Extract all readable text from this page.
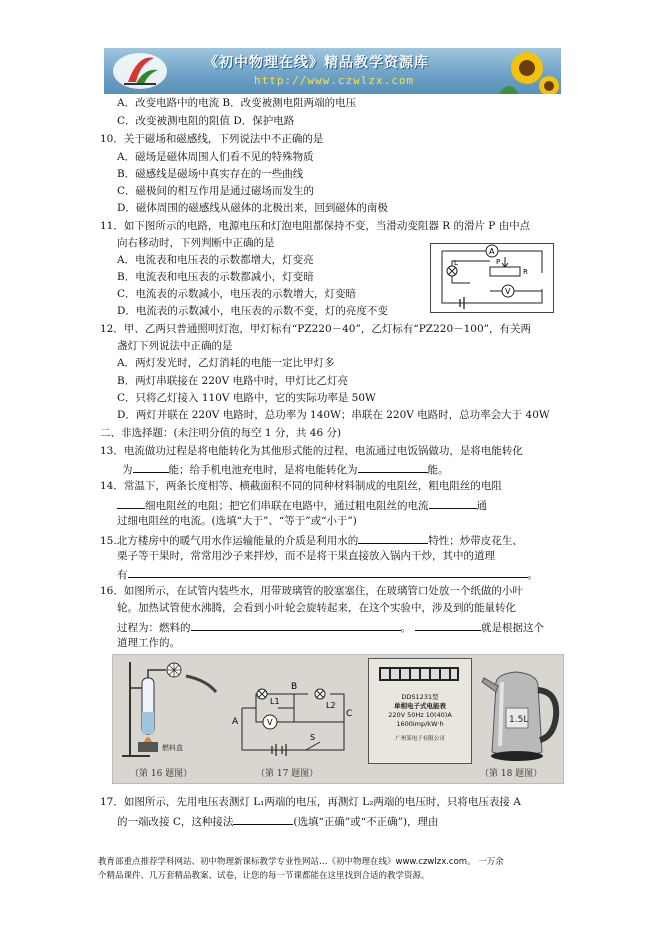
《初中物理在线》精品教学资源库
http://www.czwlzx.com
A．改变电路中的电流 B．改变被测电阻两端的电压
C．改变被测电阻的阻值 D．保护电路
10．关于磁场和磁感线，下列说法中不正确的是
A．磁场是磁体周围人们看不见的特殊物质
B．磁感线是磁场中真实存在的一些曲线
C．磁极间的相互作用是通过磁场而发生的
D．磁体周围的磁感线从磁体的北极出来，回到磁体的南极
11．如下图所示的电路，电源电压和灯泡电阻都保持不变，当滑动变阻器 R 的滑片 P 由中点
向右移动时，下列判断中正确的是
A．电流表和电压表的示数都增大，灯变亮
B．电流表和电压表的示数都减小，灯变暗
C．电流表的示数减小，电压表的示数增大，灯变暗
D．电流表的示数减小，电压表的示数不变，灯的亮度不变
A
L	P
R
V
12．甲、乙两只普通照明灯泡，甲灯标有“PZ220－40”，乙灯标有“PZ220－100”，有关两
盏灯下列说法中正确的是
A．两灯发光时，乙灯消耗的电能一定比甲灯多
B．两灯串联接在 220V 电路中时，甲灯比乙灯亮
C．只将乙灯接入 110V 电路中，它的实际功率是 50W
D．两灯并联在 220V 电路时，总功率为 140W；串联在 220V 电路时，总功率会大于 40W
二、非选择题：(未注明分值的每空 1 分，共 46 分)
13．电流做功过程是将电能转化为其他形式能的过程，电流通过电饭锅做功，是将电能转化
为	能；给手机电池充电时，是将电能转化为	能。
14．常温下，两条长度相等、横截面积不同的同种材料制成的电阻丝，粗电阻丝的电阻
细电阻丝的电阻；把它们串联在电路中，通过粗电阻丝的电流	通
过细电阻丝的电流。(选填“大于”、“等于”或“小于”)
15.北方楼房中的暖气用水作运输能量的介质是利用水的	特性；炒带皮花生、
栗子等干果时，常常用沙子来拌炒，而不是将干果直接放入锅内干炒，其中的道理
有	。
16．如图所示，在试管内装些水，用带玻璃管的胶塞塞住，在玻璃管口处放一个纸做的小叶
轮。加热试管使水沸腾，会看到小叶轮会旋转起来，在这个实验中，涉及到的能量转化
过程为：燃料的	。	就是根据这个
道理工作的。
燃料盒
（第 16 题图）
V
A
B
C
L1	L2
S
（第 17 题图）
DDS1231型
单相电子式电能表
220V 50Hz 10(40)A
1600imp/kW·h
广州某电子有限公司
1.5L
（第 18 题图）
17．如图所示，先用电压表测灯 L₁两端的电压，再测灯 L₂两端的电压时，只将电压表接 A
的一端改接 C，这种接法	(选填“正确”或“不正确”)，理由
教育部重点推荐学科网站、初中物理新课标教学专业性网站…《初中物理在线》www.czwlzx.com。 一万余
个精品课件、几万套精品教案、试卷，让您的每一节课都能在这里找到合适的教学资源。
